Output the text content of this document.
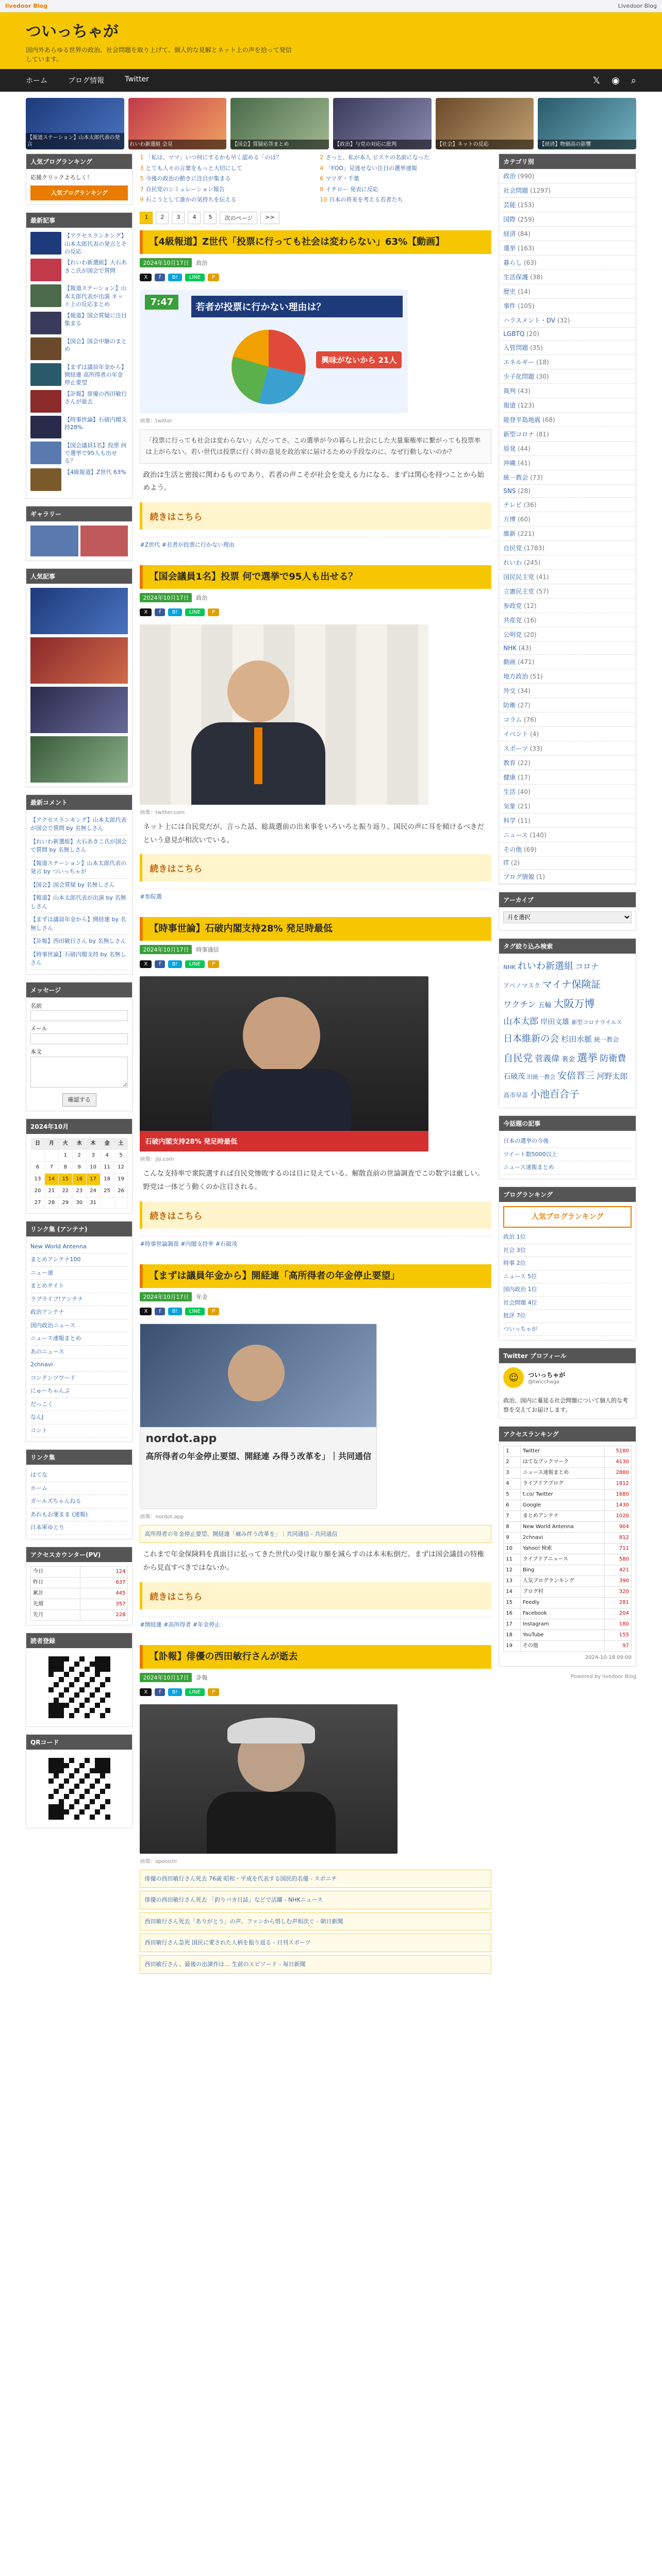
livedoor Blog	Livedoor Blog
ついっちゃが
国内外あらゆる世界の政治、社会問題を取り上げて、個人的な見解とネット上の声を拾って発信しています。
ホーム	ブログ情報	Twitter	𝕏 ◉ ⌕
【報道ステーション】山本太郎代表の発言	れいわ新選組 会見	【国会】質疑応答まとめ	【政治】与党の対応に批判	【社会】ネットの反応	【経済】物価高の影響
人気ブログランキング
応援クリックよろしく！
人気ブログランキング
最新記事
【アクセスランキング】山本太郎代表の発言とその反応
【れいわ新選組】大石あきこ氏が国会で質問
【報道ステーション】山本太郎代表が出演 ネット上の反応まとめ
【報道】国会質疑に注目集まる
【国会】国会中継のまとめ
【まずは議員年金から】開経連 高所得者の年金停止要望
【訃報】俳優の西田敏行さんが逝去
【時事世論】石破内閣支持28%
【国会議員1名】投票 何で選挙で95人も出せる？
【4級報道】Z世代 63%
ギャラリー
人気記事
最新コメント
【アクセスランキング】山本太郎代表が国会で質問 by 名無しさん
【れいわ新選組】大石あきこ氏が国会で質問 by 名無しさん
【報道ステーション】山本太郎代表の発言 by ついっちゃが
【国会】国会質疑 by 名無しさん
【報道】山本太郎代表が出演 by 名無しさん
【まずは議員年金から】開経連 by 名無しさん
【訃報】西田敏行さん by 名無しさん
【時事世論】石破内閣支持 by 名無しさん
メッセージ
名前
メール
本文
確認する
2024年10月
日	月	火	水	木	金	土
		1	2	3	4	5
6	7	8	9	10	11	12
13	14	15	16	17	18	19
20	21	22	23	24	25	26
27	28	29	30	31		
リンク集 (アンテナ)
New World Antenna
まとめアンテナ100
ニュー速
まとめサイト
ラブライブ!アンテナ
政治アンテナ
国内政治ニュース
ニュース速報まとめ
あのニュース
2chnavi
コンテンツワード
にゅーちゃんぷ
だっこく
なんJ
コント
リンク集
はてな
ホーム
ガールズちゃんねる
あれもお運まま (速報)
日本軍ゆとり
アクセスカウンター(PV)
今日	124
昨日	637
累計	445
先週	357
先月	228
読者登録
QRコード
1 「私は、ママ」いつ何にするかも早く認める「のは？	2 さっと、私が本人 ビスケの名前になった
3 とても人々の言葉をもっと大切にして	4 「FOO」見逃せない注目の選挙速報
5 今後の政治の動きに注目が集まる	6 マツダ・千葉
7 自民党のシミュレーション報告	8 イチロー 発表に反応
9 石こうとして誰かの気持ちを伝える	10 日本の将来を考える若者たち
1	2	3	4	5	次のページ	>>
【4級報道】Z世代「投票に行っても社会は変わらない」63%【動画】
2024年10月17日	政治
X	f	B!	LINE	P
7:47	若者が投票に行かない理由は？
興味がないから 21人
画像：twitter
「投票に行っても社会は変わらない」んだってさ。この選挙が今の暮らし社会にした大量棄権率に繋がっても投票率は上がらない。若い世代は投票に行く時の意見を政治家に届けるための手段なのに、なぜ行動しないのか？
政治は生活と密接に関わるものであり、若者の声こそが社会を変える力になる。まずは関心を持つことから始めよう。
続きはこちら
#Z世代 #若者が投票に行かない理由
【国会議員1名】投票 何で選挙で95人も出せる？
2024年10月17日	政治
X	f	B!	LINE	P
画像：twitter.com
ネット上には自民党だが、言った話、総裁選前の出来事をいろいろと振り返り、国民の声に耳を傾けるべきだという意見が相次いでいる。
続きはこちら
#参院選
【時事世論】石破内閣支持28% 発足時最低
2024年10月17日	時事通信
X	f	B!	LINE	P
石破内閣支持28% 発足時最低
画像：jiji.com
こんな支持率で衆院選すれば自民党惨敗するのは目に見えている。解散直前の世論調査でこの数字は厳しい。野党は一体どう動くのか注目される。
続きはこちら
#時事世論調査 #内閣支持率 #石破茂
【まずは議員年金から】開経連「高所得者の年金停止要望」
2024年10月17日	年金
X	f	B!	LINE	P
nordot.app
高所得者の年金停止要望、開経連 み得う改革を」｜共同通信
画像：nordot.app
高所得者の年金停止要望、開経連「痛み伴う改革を」｜共同通信 - 共同通信
これまで年金保険料を真面目に払ってきた世代の受け取り額を減らすのは本末転倒だ。まずは国会議員の特権から見直すべきではないか。
続きはこちら
#開経連 #高所得者 #年金停止
【訃報】俳優の西田敏行さんが逝去
2024年10月17日	訃報
X	f	B!	LINE	P
画像：sponichi
俳優の西田敏行さん死去 76歳 昭和・平成を代表する国民的名優 - スポニチ
俳優の西田敏行さん死去 「釣りバカ日誌」などで活躍 - NHKニュース
西田敏行さん死去「ありがとう」の声、ファンから惜しむ声相次ぐ - 朝日新聞
西田敏行さん急死 国民に愛された人柄を振り返る - 日刊スポーツ
西田敏行さん、最後の出演作は… 生前のエピソード - 毎日新聞
カテゴリ別
政治 (990)
社会問題 (1297)
芸能 (153)
国際 (259)
経済 (84)
選挙 (163)
暮らし (63)
生活保護 (38)
歴史 (14)
事件 (105)
ハラスメント・DV (32)
LGBTQ (20)
入管問題 (35)
エネルギー (18)
少子化問題 (30)
裁判 (43)
報道 (123)
能登半島地震 (68)
新型コロナ (81)
原発 (44)
沖縄 (41)
統一教会 (73)
SNS (28)
テレビ (36)
万博 (60)
維新 (221)
自民党 (1783)
れいわ (245)
国民民主党 (41)
立憲民主党 (57)
参政党 (12)
共産党 (16)
公明党 (20)
NHK (43)
動画 (471)
地方政治 (51)
外交 (34)
防衛 (27)
コラム (76)
イベント (4)
スポーツ (33)
教育 (22)
健康 (17)
生活 (40)
気象 (21)
科学 (11)
ニュース (140)
その他 (69)
IT (2)
ブログ情報 (1)
アーカイブ
月を選択
タグ絞り込み検索
NHK れいわ新選組 コロナアベノマスク マイナ保険証ワクチン 五輪 大阪万博山本太郎 岸田文雄 新型コロナウイルス日本維新の会 杉田水脈 統一教会自民党 菅義偉 裏金 選挙 防衛費石破茂 旧統一教会 安倍晋三 河野太郎高市早苗 小池百合子
今話題の記事
日本の選挙の今後
ツイート数5000以上
ニュース速報まとめ
ブログランキング
人気ブログランキング
政治 1位
社会 3位
時事 2位
ニュース 5位
国内政治 1位
社会問題 4位
批評 7位
ついっちゃが
Twitter プロフィール
☺	ついっちゃが
@twicchaga
政治、国内に蔓延る社会問題について個人的な考察を交えてお届けします。
アクセスランキング
1	Twitter	5180
2	はてなブックマーク	4130
3	ニュース速報まとめ	2880
4	ライブドアブログ	1812
5	t.co/ Twitter	1680
6	Google	1430
7	まとめアンテナ	1020
8	New World Antenna	904
9	2chnavi	812
10	Yahoo! 検索	711
11	ライブドアニュース	580
12	Bing	421
13	人気ブログランキング	390
14	ブログ村	320
15	Feedly	281
16	Facebook	204
17	Instagram	180
18	YouTube	155
19	その他	97
2024-10-18 09:00
Powered by livedoor Blog
